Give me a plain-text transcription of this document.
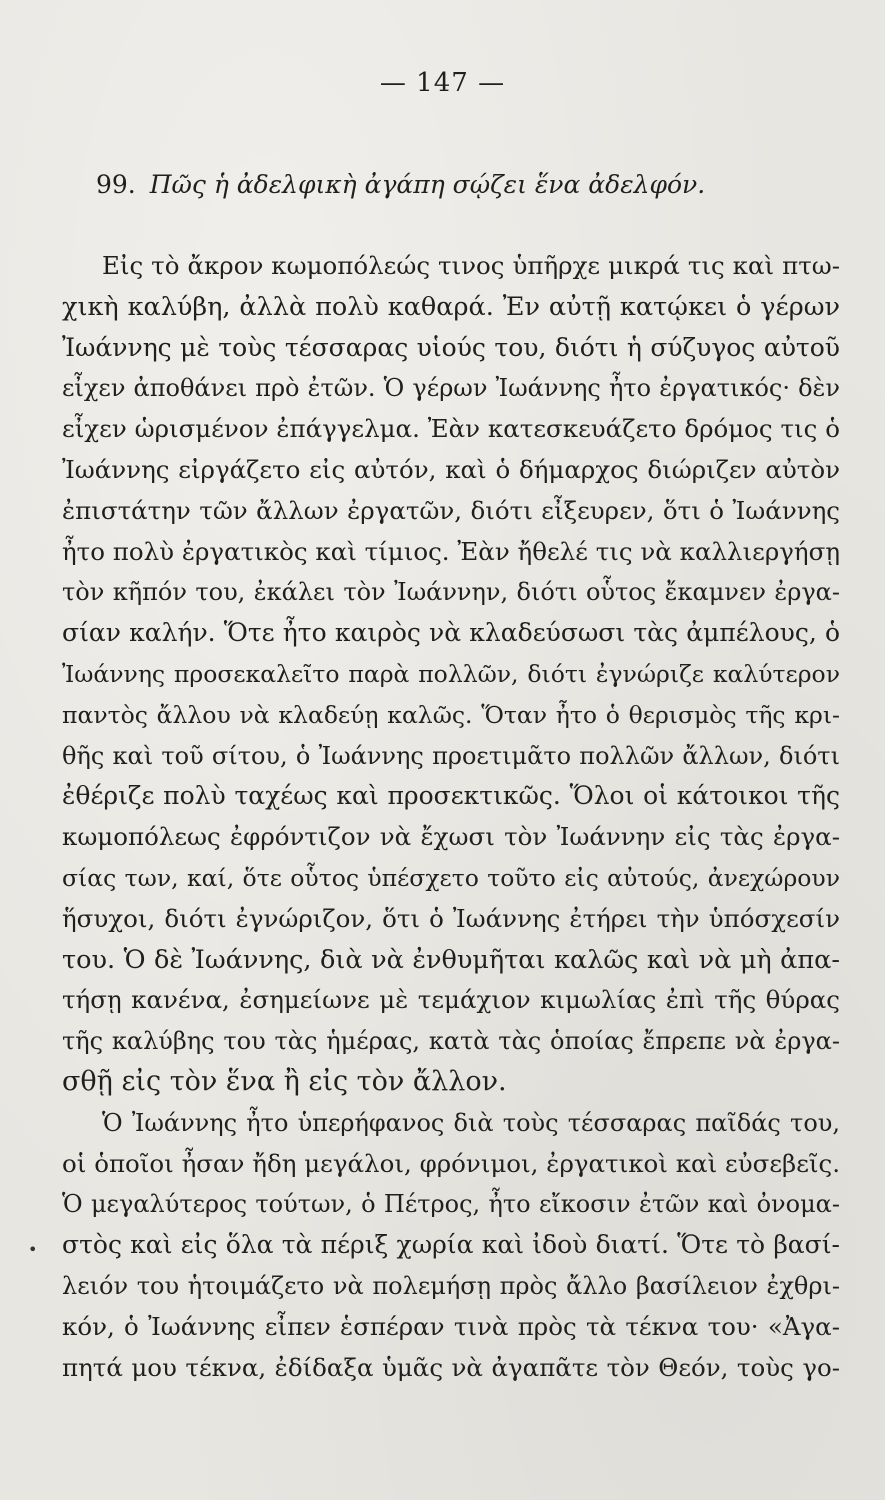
— 147 —
99. Πῶς ἡ ἀδελφικὴ ἀγάπη σῴζει ἕνα ἀδελφόν.
Εἰς τὸ ἄκρον κωμοπόλεώς τινος ὑπῆρχε μικρά τις καὶ πτω-
χικὴ καλύβη, ἀλλὰ πολὺ καθαρά. Ἐν αὐτῇ κατῴκει ὁ γέρων
Ἰωάννης μὲ τοὺς τέσσαρας υἱούς του, διότι ἡ σύζυγος αὐτοῦ
εἶχεν ἀποθάνει πρὸ ἐτῶν. Ὁ γέρων Ἰωάννης ἦτο ἐργατικός· δὲν
εἶχεν ὡρισμένον ἐπάγγελμα. Ἐὰν κατεσκευάζετο δρόμος τις ὁ
Ἰωάννης εἰργάζετο εἰς αὐτόν, καὶ ὁ δήμαρχος διώριζεν αὐτὸν
ἐπιστάτην τῶν ἄλλων ἐργατῶν, διότι εἶξευρεν, ὅτι ὁ Ἰωάννης
ἦτο πολὺ ἐργατικὸς καὶ τίμιος. Ἐὰν ἤθελέ τις νὰ καλλιεργήσῃ
τὸν κῆπόν του, ἐκάλει τὸν Ἰωάννην, διότι οὗτος ἔκαμνεν ἐργα-
σίαν καλήν. Ὅτε ἦτο καιρὸς νὰ κλαδεύσωσι τὰς ἀμπέλους, ὁ
Ἰωάννης προσεκαλεῖτο παρὰ πολλῶν, διότι ἐγνώριζε καλύτερον
παντὸς ἄλλου νὰ κλαδεύῃ καλῶς. Ὅταν ἦτο ὁ θερισμὸς τῆς κρι-
θῆς καὶ τοῦ σίτου, ὁ Ἰωάννης προετιμᾶτο πολλῶν ἄλλων, διότι
ἐθέριζε πολὺ ταχέως καὶ προσεκτικῶς. Ὅλοι οἱ κάτοικοι τῆς
κωμοπόλεως ἐφρόντιζον νὰ ἔχωσι τὸν Ἰωάννην εἰς τὰς ἐργα-
σίας των, καί, ὅτε οὗτος ὑπέσχετο τοῦτο εἰς αὐτούς, ἀνεχώρουν
ἥσυχοι, διότι ἐγνώριζον, ὅτι ὁ Ἰωάννης ἐτήρει τὴν ὑπόσχεσίν
του. Ὁ δὲ Ἰωάννης, διὰ νὰ ἐνθυμῆται καλῶς καὶ νὰ μὴ ἀπα-
τήσῃ κανένα, ἐσημείωνε μὲ τεμάχιον κιμωλίας ἐπὶ τῆς θύρας
τῆς καλύβης του τὰς ἡμέρας, κατὰ τὰς ὁποίας ἔπρεπε νὰ ἐργα-
σθῇ εἰς τὸν ἕνα ἢ εἰς τὸν ἄλλον.
Ὁ Ἰωάννης ἦτο ὑπερήφανος διὰ τοὺς τέσσαρας παῖδάς του,
οἱ ὁποῖοι ἦσαν ἤδη μεγάλοι, φρόνιμοι, ἐργατικοὶ καὶ εὐσεβεῖς.
Ὁ μεγαλύτερος τούτων, ὁ Πέτρος, ἦτο εἴκοσιν ἐτῶν καὶ ὀνομα-
στὸς καὶ εἰς ὅλα τὰ πέριξ χωρία καὶ ἰδοὺ διατί. Ὅτε τὸ βασί-
λειόν του ἡτοιμάζετο νὰ πολεμήσῃ πρὸς ἄλλο βασίλειον ἐχθρι-
κόν, ὁ Ἰωάννης εἶπεν ἑσπέραν τινὰ πρὸς τὰ τέκνα του· «Ἀγα-
πητά μου τέκνα, ἐδίδαξα ὑμᾶς νὰ ἀγαπᾶτε τὸν Θεόν, τοὺς γο-
•
